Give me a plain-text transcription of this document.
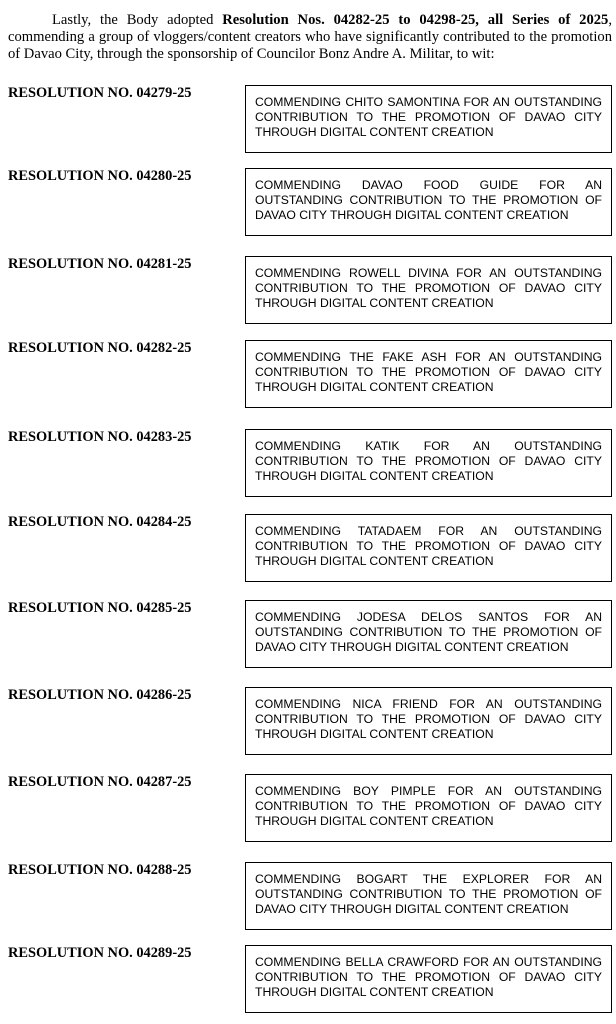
Lastly, the Body adopted Resolution Nos. 04282-25 to 04298-25, all Series of 2025, commending a group of vloggers/content creators who have significantly contributed to the promotion of Davao City, through the sponsorship of Councilor Bonz Andre A. Militar, to wit:

RESOLUTION NO. 04279-25

COMMENDING CHITO SAMONTINA FOR AN OUTSTANDING CONTRIBUTION TO THE PROMOTION OF DAVAO CITY THROUGH DIGITAL CONTENT CREATION

RESOLUTION NO. 04280-25

COMMENDING DAVAO FOOD GUIDE FOR AN OUTSTANDING CONTRIBUTION TO THE PROMOTION OF DAVAO CITY THROUGH DIGITAL CONTENT CREATION

RESOLUTION NO. 04281-25

COMMENDING ROWELL DIVINA FOR AN OUTSTANDING CONTRIBUTION TO THE PROMOTION OF DAVAO CITY THROUGH DIGITAL CONTENT CREATION

RESOLUTION NO. 04282-25

COMMENDING THE FAKE ASH FOR AN OUTSTANDING CONTRIBUTION TO THE PROMOTION OF DAVAO CITY THROUGH DIGITAL CONTENT CREATION

RESOLUTION NO. 04283-25

COMMENDING KATIK FOR AN OUTSTANDING CONTRIBUTION TO THE PROMOTION OF DAVAO CITY THROUGH DIGITAL CONTENT CREATION

RESOLUTION NO. 04284-25

COMMENDING TATADAEM FOR AN OUTSTANDING CONTRIBUTION TO THE PROMOTION OF DAVAO CITY THROUGH DIGITAL CONTENT CREATION

RESOLUTION NO. 04285-25

COMMENDING JODESA DELOS SANTOS FOR AN OUTSTANDING CONTRIBUTION TO THE PROMOTION OF DAVAO CITY THROUGH DIGITAL CONTENT CREATION

RESOLUTION NO. 04286-25

COMMENDING NICA FRIEND FOR AN OUTSTANDING CONTRIBUTION TO THE PROMOTION OF DAVAO CITY THROUGH DIGITAL CONTENT CREATION

RESOLUTION NO. 04287-25

COMMENDING BOY PIMPLE FOR AN OUTSTANDING CONTRIBUTION TO THE PROMOTION OF DAVAO CITY THROUGH DIGITAL CONTENT CREATION

RESOLUTION NO. 04288-25

COMMENDING BOGART THE EXPLORER FOR AN OUTSTANDING CONTRIBUTION TO THE PROMOTION OF DAVAO CITY THROUGH DIGITAL CONTENT CREATION

RESOLUTION NO. 04289-25

COMMENDING BELLA CRAWFORD FOR AN OUTSTANDING CONTRIBUTION TO THE PROMOTION OF DAVAO CITY THROUGH DIGITAL CONTENT CREATION
